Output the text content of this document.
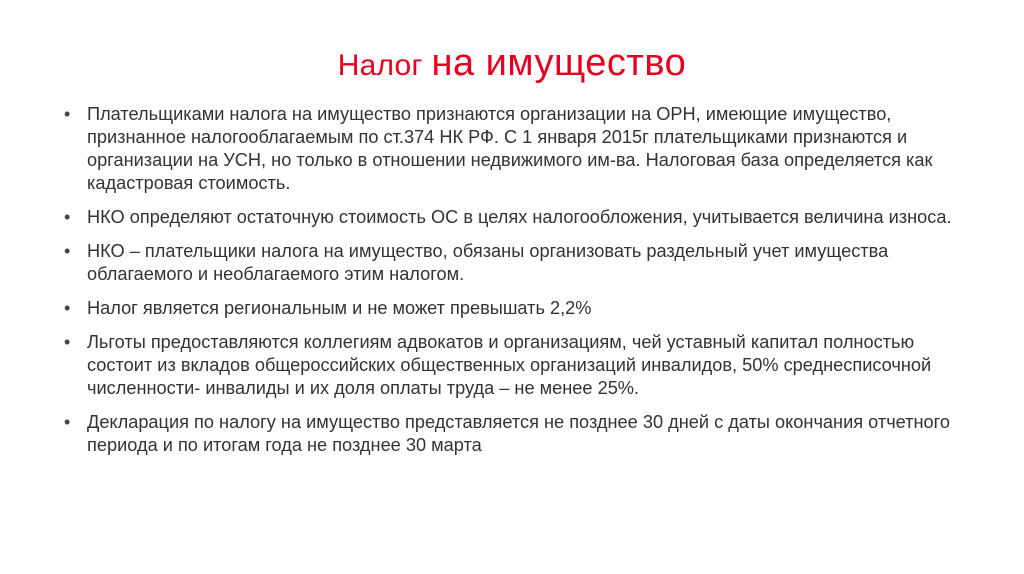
Налог на имущество
• Плательщиками налога на имущество признаются организации на ОРН, имеющие имущество, признанное налогооблагаемым по ст.374 НК РФ. С 1 января 2015г плательщиками признаются и организации на УСН, но только в отношении недвижимого им-ва. Налоговая база определяется как кадастровая стоимость.
• НКО определяют остаточную стоимость ОС в целях налогообложения, учитывается величина износа.
• НКО – плательщики налога на имущество, обязаны организовать раздельный учет имущества облагаемого и необлагаемого этим налогом.
• Налог является региональным и не может превышать 2,2%
• Льготы предоставляются коллегиям адвокатов и организациям, чей уставный капитал полностью состоит из вкладов общероссийских общественных организаций инвалидов, 50% среднесписочной численности- инвалиды и их доля оплаты труда – не менее 25%.
• Декларация по налогу на имущество представляется не позднее 30 дней с даты окончания отчетного периода и по итогам года не позднее 30 марта
